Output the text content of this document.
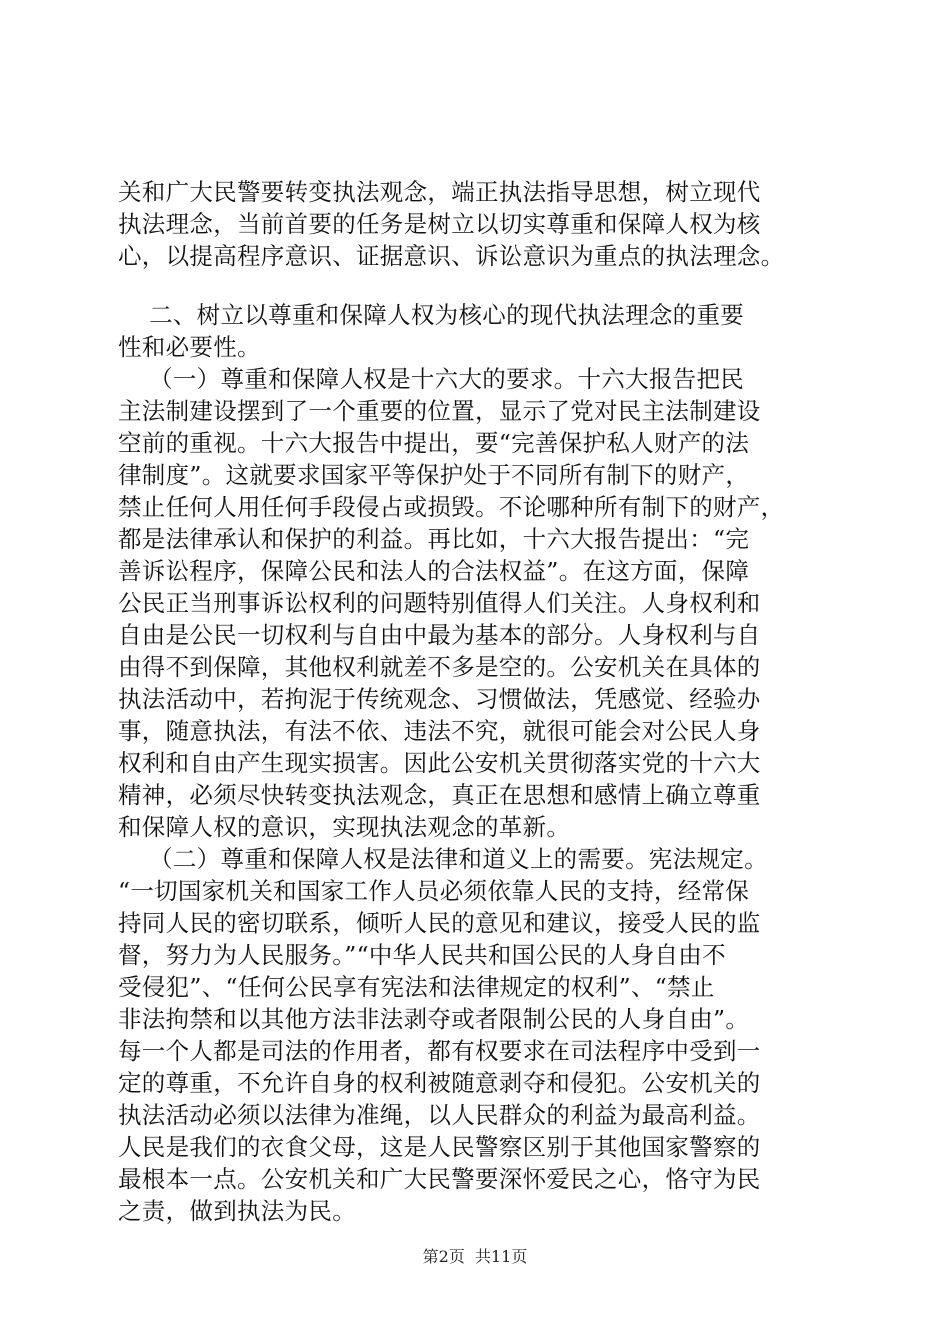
关和广大民警要转变执法观念，端正执法指导思想，树立现代
执法理念，当前首要的任务是树立以切实尊重和保障人权为核
心，以提高程序意识、证据意识、诉讼意识为重点的执法理念。
二、树立以尊重和保障人权为核心的现代执法理念的重要
性和必要性。
（一）尊重和保障人权是十六大的要求。十六大报告把民
主法制建设摆到了一个重要的位置，显示了党对民主法制建设
空前的重视。十六大报告中提出，要“完善保护私人财产的法
律制度”。这就要求国家平等保护处于不同所有制下的财产，
禁止任何人用任何手段侵占或损毁。不论哪种所有制下的财产，
都是法律承认和保护的利益。再比如，十六大报告提出：“完
善诉讼程序，保障公民和法人的合法权益”。在这方面，保障
公民正当刑事诉讼权利的问题特别值得人们关注。人身权利和
自由是公民一切权利与自由中最为基本的部分。人身权利与自
由得不到保障，其他权利就差不多是空的。公安机关在具体的
执法活动中，若拘泥于传统观念、习惯做法，凭感觉、经验办
事，随意执法，有法不依、违法不究，就很可能会对公民人身
权利和自由产生现实损害。因此公安机关贯彻落实党的十六大
精神，必须尽快转变执法观念，真正在思想和感情上确立尊重
和保障人权的意识，实现执法观念的革新。
（二）尊重和保障人权是法律和道义上的需要。宪法规定。
“一切国家机关和国家工作人员必须依靠人民的支持，经常保
持同人民的密切联系，倾听人民的意见和建议，接受人民的监
督，努力为人民服务。”“中华人民共和国公民的人身自由不
受侵犯”、“任何公民享有宪法和法律规定的权利”、“禁止
非法拘禁和以其他方法非法剥夺或者限制公民的人身自由”。
每一个人都是司法的作用者，都有权要求在司法程序中受到一
定的尊重，不允许自身的权利被随意剥夺和侵犯。公安机关的
执法活动必须以法律为准绳，以人民群众的利益为最高利益。
人民是我们的衣食父母，这是人民警察区别于其他国家警察的
最根本一点。公安机关和广大民警要深怀爱民之心，恪守为民
之责，做到执法为民。
第2页  共11页
